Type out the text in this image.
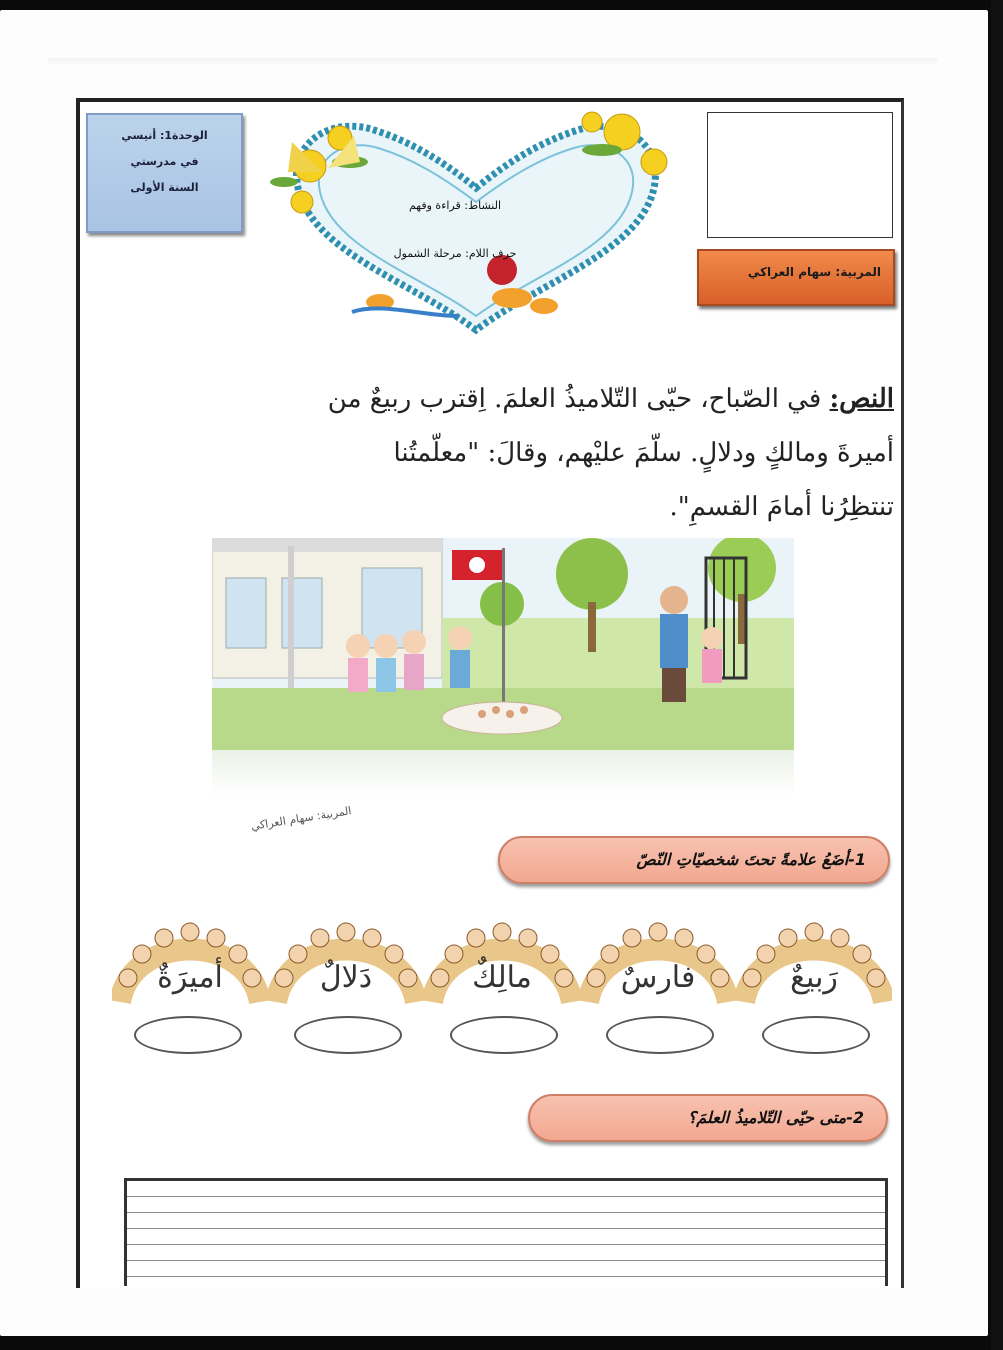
الوحدة1: أنيسي
في مدرستي
السنة الأولى
النشاط: قراءة وفهم
حرف اللام: مرحلة الشمول
المربية: سهام العراكي

النص: في الصّباح، حيّى التّلاميذُ العلمَ. اِقترب ربيعٌ من

أميرةَ ومالكٍ ودلالٍ. سلّمَ عليْهم، وقالَ: "معلّمتُنا

تنتظِرُنا أمامَ القسمِ".

المربية: سهام العراكي
1-أضَعُ علامةً تحتَ شخصيّاتِ النّصّ
رَبيعٌ
فارسٌ
مالِكٌ
دَلالٌ
أميرَةٌ
2-متى حيّى التّلاميذُ العلمَ؟
